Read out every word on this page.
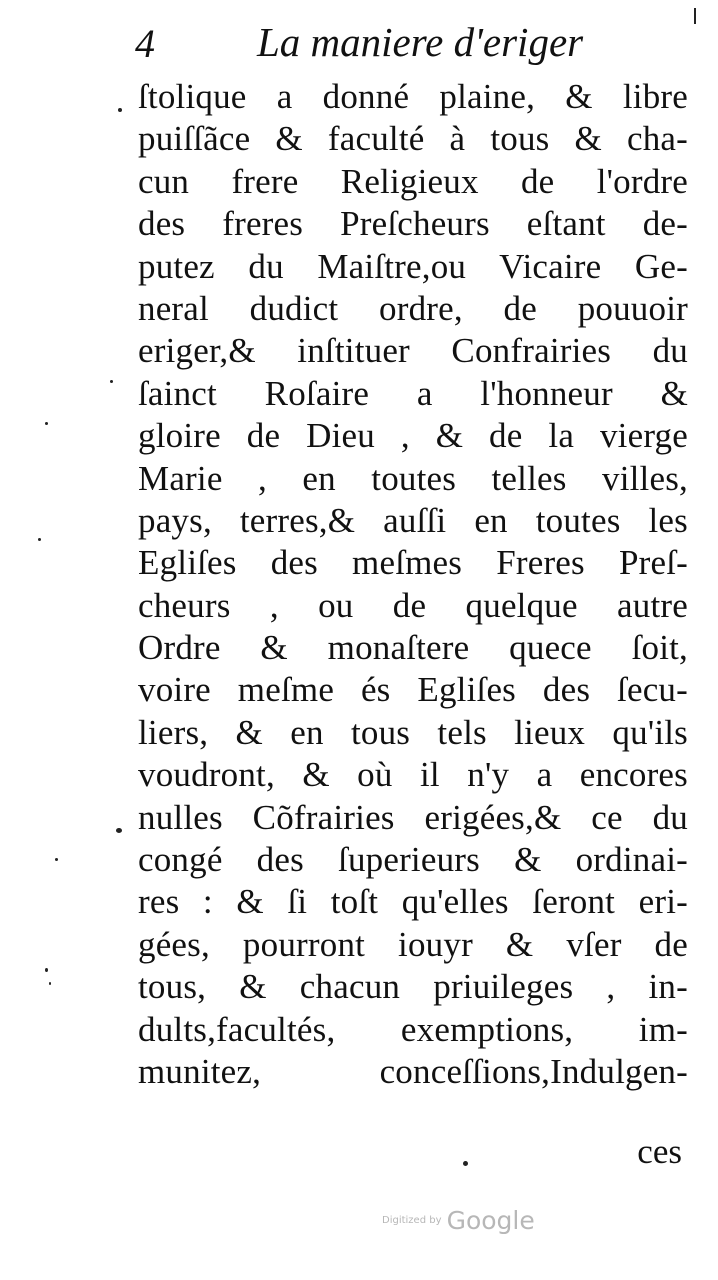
4 La maniere d'eriger
ſtolique a donné plaine, & libre
puiſſãce & faculté à tous & cha-
cun frere Religieux de l'ordre
des freres Preſcheurs eſtant de-
putez du Maiſtre,ou Vicaire Ge-
neral dudict ordre, de pouuoir
eriger,& inſtituer Confrairies du
ſainct Roſaire a l'honneur &
gloire de Dieu , & de la vierge
Marie , en toutes telles villes,
pays, terres,& auſſi en toutes les
Egliſes des meſmes Freres Preſ-
cheurs , ou de quelque autre
Ordre & monaſtere quece ſoit,
voire meſme és Egliſes des ſecu-
liers, & en tous tels lieux qu'ils
voudront, & où il n'y a encores
nulles Cõfrairies erigées,& ce du
congé des ſuperieurs & ordinai-
res : & ſi toſt qu'elles ſeront eri-
gées, pourront iouyr & vſer de
tous, & chacun priuileges , in-
dults,facultés, exemptions, im-
munitez, conceſſions,Indulgen-
ces
Digitized by Google
